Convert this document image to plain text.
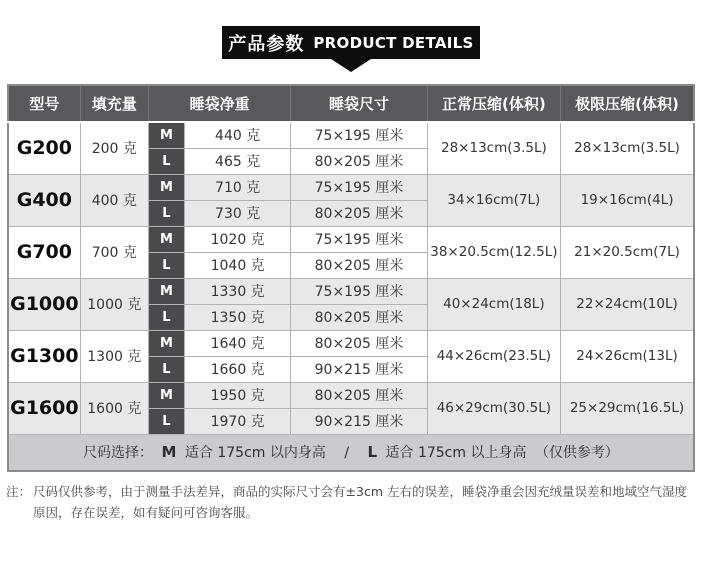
产品参数 PRODUCT DETAILS
型号	填充量	睡袋净重		睡袋尺寸	正常压缩(体积)	极限压缩(体积)
G200	200 克	M	440 克	75×195 厘米	28×13cm(3.5L)	28×13cm(3.5L)
		L	465 克	80×205 厘米		
G400	400 克	M	710 克	75×195 厘米	34×16cm(7L)	19×16cm(4L)
		L	730 克	80×205 厘米		
G700	700 克	M	1020 克	75×195 厘米	38×20.5cm(12.5L)	21×20.5cm(7L)
		L	1040 克	80×205 厘米		
G1000	1000 克	M	1330 克	75×195 厘米	40×24cm(18L)	22×24cm(10L)
		L	1350 克	80×205 厘米		
G1300	1300 克	M	1640 克	80×205 厘米	44×26cm(23.5L)	24×26cm(13L)
		L	1660 克	90×215 厘米		
G1600	1600 克	M	1950 克	80×205 厘米	46×29cm(30.5L)	25×29cm(16.5L)
		L	1970 克	90×215 厘米		
尺码选择： M 适合 175cm 以内身高 / L 适合 175cm 以上身高 （仅供参考）						
注： 尺码仅供参考，由于测量手法差异，商品的实际尺寸会有±3cm 左右的误差，睡袋净重会因充绒量误差和地域空气湿度原因，存在误差，如有疑问可咨询客服。
